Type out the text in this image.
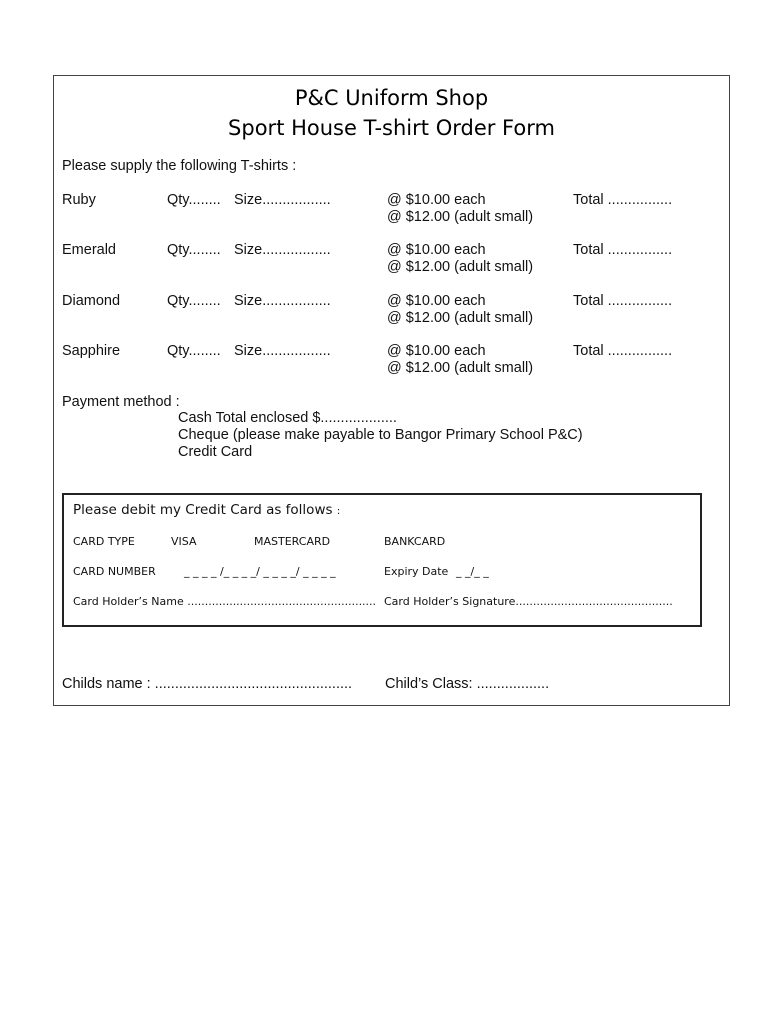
P&C Uniform Shop
Sport House T-shirt Order Form
Please supply the following T-shirts :
Ruby	Qty........ Size.................	@ $10.00 each
@ $12.00 (adult small)
Total ................
Emerald	Qty........ Size.................	@ $10.00 each
@ $12.00 (adult small)
Total ................
Diamond	Qty........ Size.................	@ $10.00 each
@ $12.00 (adult small)
Total ................
Sapphire	Qty........ Size.................	@ $10.00 each
@ $12.00 (adult small)
Total ................
Payment method :
Cash Total enclosed $...................
Cheque (please make payable to Bangor Primary School P&C)
Credit Card
Please debit my Credit Card as follows :
CARD TYPE	VISA	MASTERCARD	BANKCARD
CARD NUMBER	_ _ _ _ /_ _ _ _/ _ _ _ _/ _ _ _ _	Expiry Date _ _/_ _
Card Holder’s Name ...................................................... Card Holder’s Signature.............................................
Childs name : ................................................. Child’s Class: ..................
